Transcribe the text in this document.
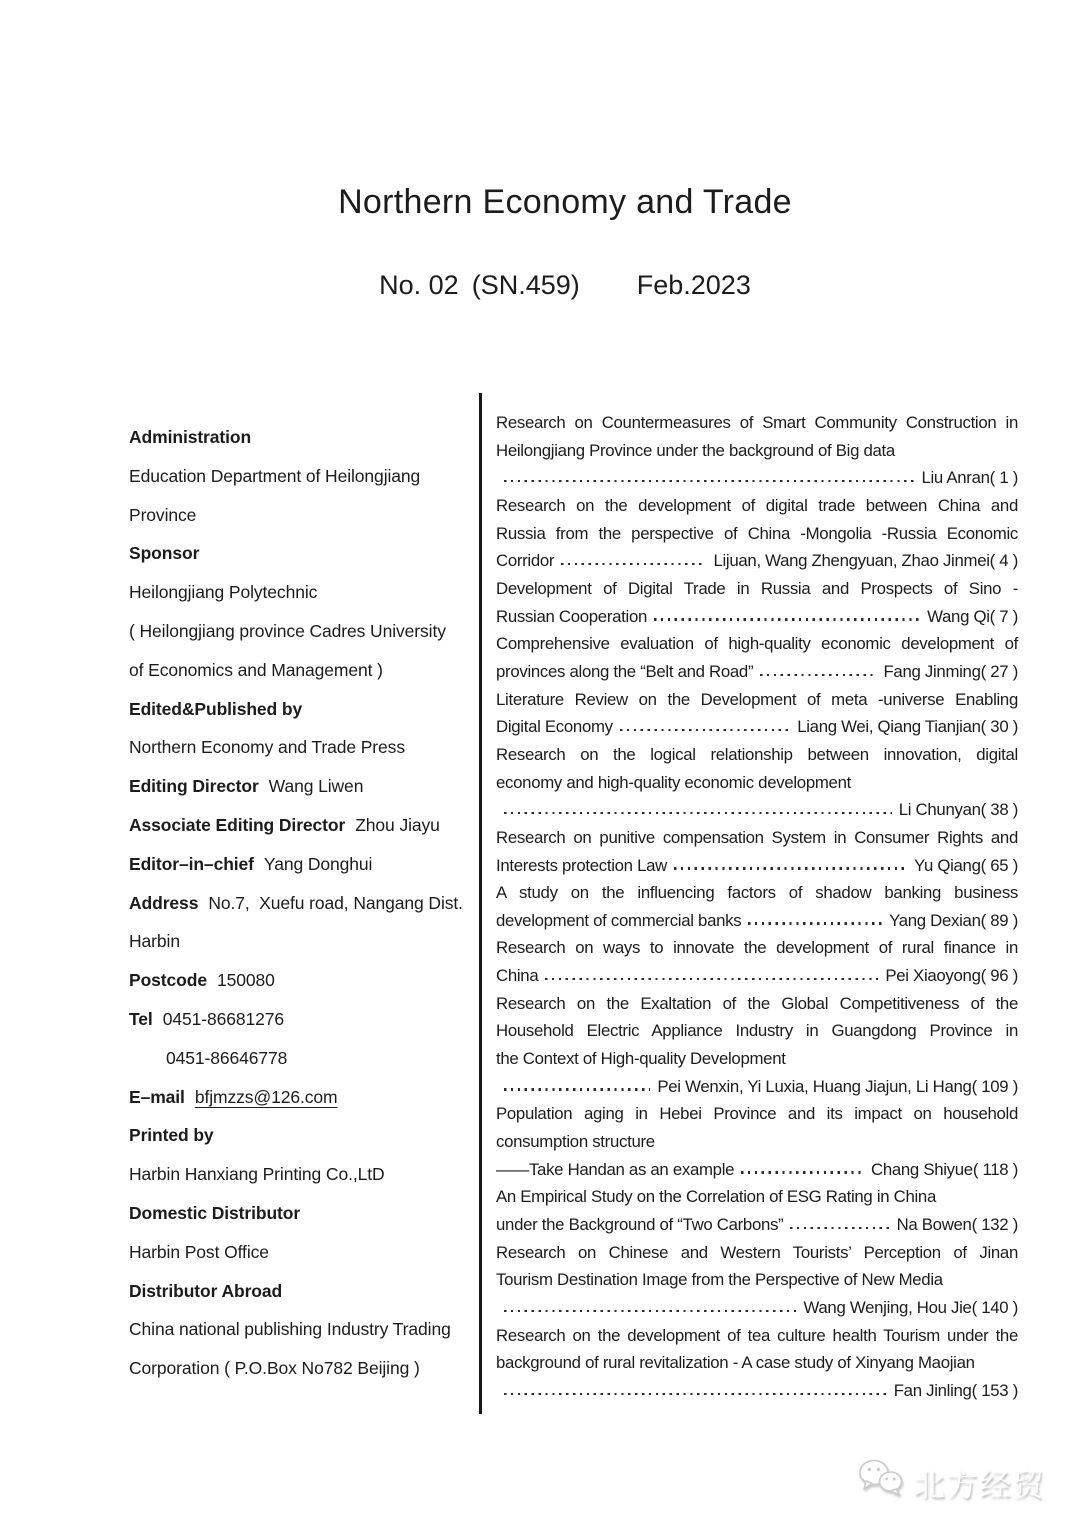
Northern Economy and Trade
No. 02 (SN.459) Feb.2023
Administration
Education Department of Heilongjiang
Province
Sponsor
Heilongjiang Polytechnic
( Heilongjiang province Cadres University
of Economics and Management )
Edited&Published by
Northern Economy and Trade Press
Editing Director Wang Liwen
Associate Editing Director Zhou Jiayu
Editor–in–chief Yang Donghui
Address No.7,  Xuefu road, Nangang Dist.
Harbin
Postcode 150080
Tel 0451-86681276
0451-86646778
E–mail bfjmzzs@126.com
Printed by
Harbin Hanxiang Printing Co.,LtD
Domestic Distributor
Harbin Post Office
Distributor Abroad
China national publishing Industry Trading
Corporation ( P.O.Box No782 Beijing )
Research on Countermeasures of Smart Community Construction in
Heilongjiang Province under the background of Big data
Liu Anran( 1 )
Research on the development of digital trade between China and
Russia from the perspective of China -Mongolia -Russia Economic
Corridor	Lijuan, Wang Zhengyuan, Zhao Jinmei( 4 )
Development of Digital Trade in Russia and Prospects of Sino -
Russian Cooperation	Wang Qi( 7 )
Comprehensive evaluation of high-quality economic development of
provinces along the “Belt and Road”	Fang Jinming( 27 )
Literature Review on the Development of meta -universe Enabling
Digital Economy	Liang Wei, Qiang Tianjian( 30 )
Research on the logical relationship between innovation, digital
economy and high-quality economic development
Li Chunyan( 38 )
Research on punitive compensation System in Consumer Rights and
Interests protection Law	Yu Qiang( 65 )
A study on the influencing factors of shadow banking business
development of commercial banks	Yang Dexian( 89 )
Research on ways to innovate the development of rural finance in
China	Pei Xiaoyong( 96 )
Research on the Exaltation of the Global Competitiveness of the
Household Electric Appliance Industry in Guangdong Province in
the Context of High-quality Development
Pei Wenxin, Yi Luxia, Huang Jiajun, Li Hang( 109 )
Population aging in Hebei Province and its impact on household
consumption structure
——Take Handan as an example	Chang Shiyue( 118 )
An Empirical Study on the Correlation of ESG Rating in China
under the Background of “Two Carbons”	Na Bowen( 132 )
Research on Chinese and Western Tourists’ Perception of Jinan
Tourism Destination Image from the Perspective of New Media
Wang Wenjing, Hou Jie( 140 )
Research on the development of tea culture health Tourism under the
background of rural revitalization - A case study of Xinyang Maojian
Fan Jinling( 153 )
北方经贸
